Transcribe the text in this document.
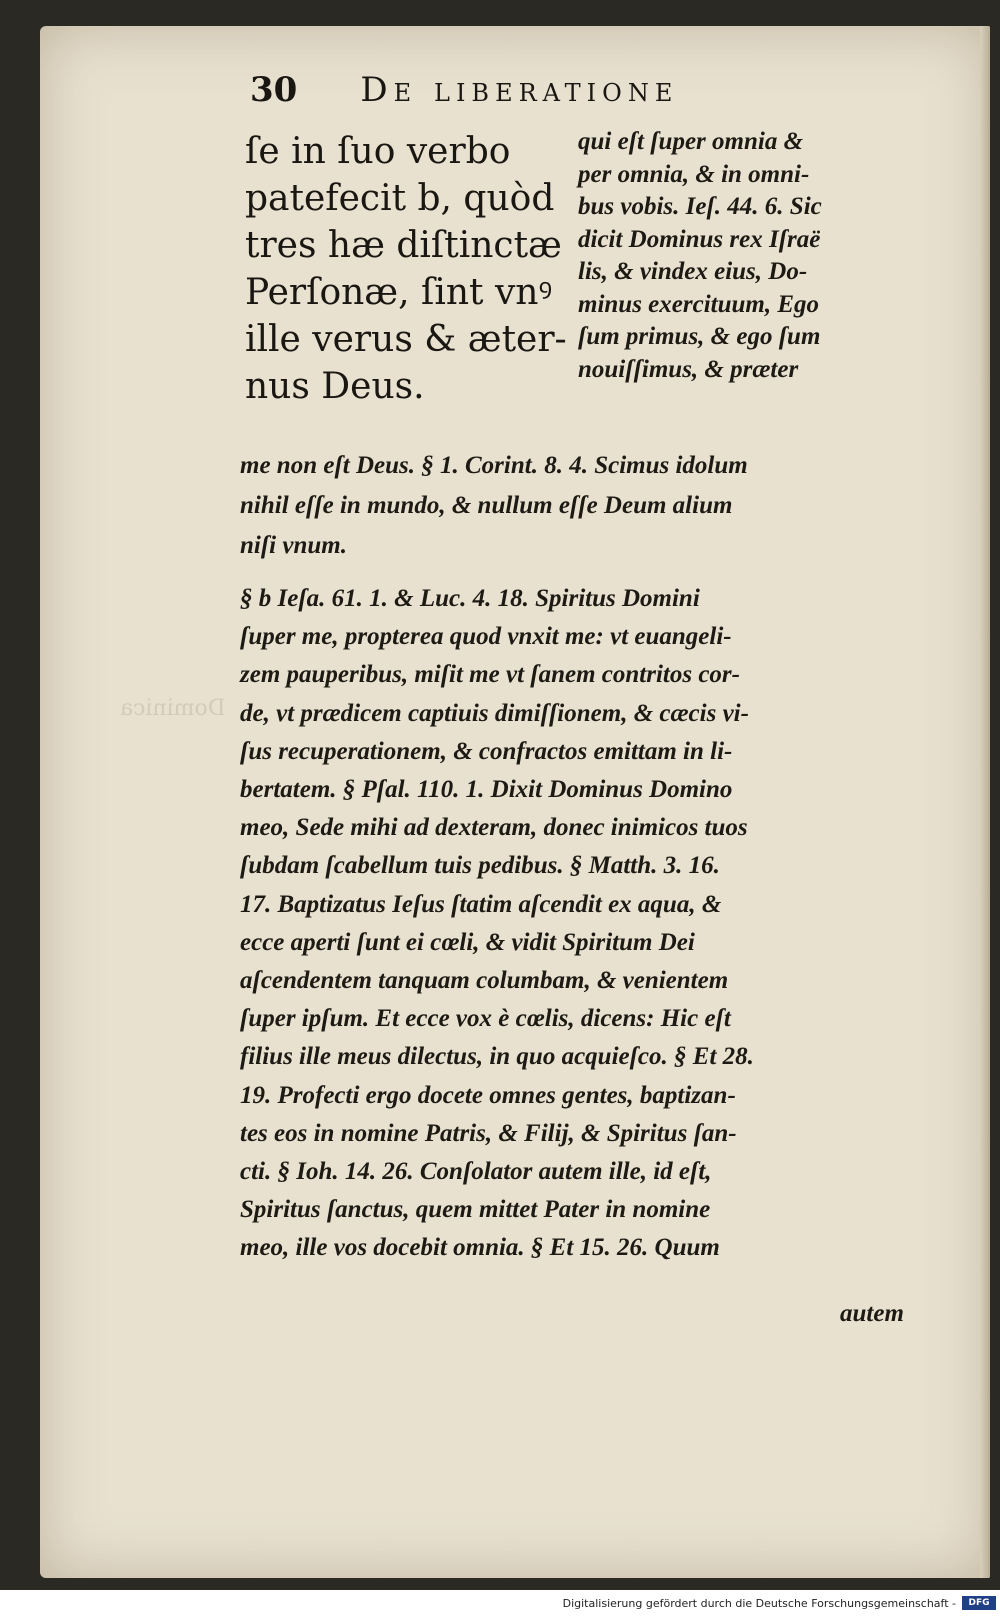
Dominica
30 De liberatione
ſe in ſuo verbo
patefecit b, quòd
tres hæ diſtinctæ
Perſonæ, ſint vnꝰ
ille verus & æter-
nus Deus.
qui eſt ſuper omnia &
per omnia, & in omni-
bus vobis. Ieſ. 44. 6. Sic
dicit Dominus rex Iſraë
lis, & vindex eius, Do-
minus exercituum, Ego
ſum primus, & ego ſum
nouiſſimus, & præter
me non eſt Deus. § 1. Corint. 8. 4. Scimus idolum
nihil eſſe in mundo, & nullum eſſe Deum alium
niſi vnum.
§ b Ieſa. 61. 1. & Luc. 4. 18. Spiritus Domini
ſuper me, propterea quod vnxit me: vt euangeli-
zem pauperibus, miſit me vt ſanem contritos cor-
de, vt prædicem captiuis dimiſſionem, & cæcis vi-
ſus recuperationem, & confractos emittam in li-
bertatem. § Pſal. 110. 1. Dixit Dominus Domino
meo, Sede mihi ad dexteram, donec inimicos tuos
ſubdam ſcabellum tuis pedibus. § Matth. 3. 16.
17. Baptizatus Ieſus ſtatim aſcendit ex aqua, &
ecce aperti ſunt ei cœli, & vidit Spiritum Dei
aſcendentem tanquam columbam, & venientem
ſuper ipſum. Et ecce vox è cœlis, dicens: Hic eſt
filius ille meus dilectus, in quo acquieſco. § Et 28.
19. Profecti ergo docete omnes gentes, baptizan-
tes eos in nomine Patris, & Filij, & Spiritus ſan-
cti. § Ioh. 14. 26. Conſolator autem ille, id eſt,
Spiritus ſanctus, quem mittet Pater in nomine
meo, ille vos docebit omnia. § Et 15. 26. Quum
autem
Digitalisierung gefördert durch die Deutsche Forschungsgemeinschaft -	DFG
